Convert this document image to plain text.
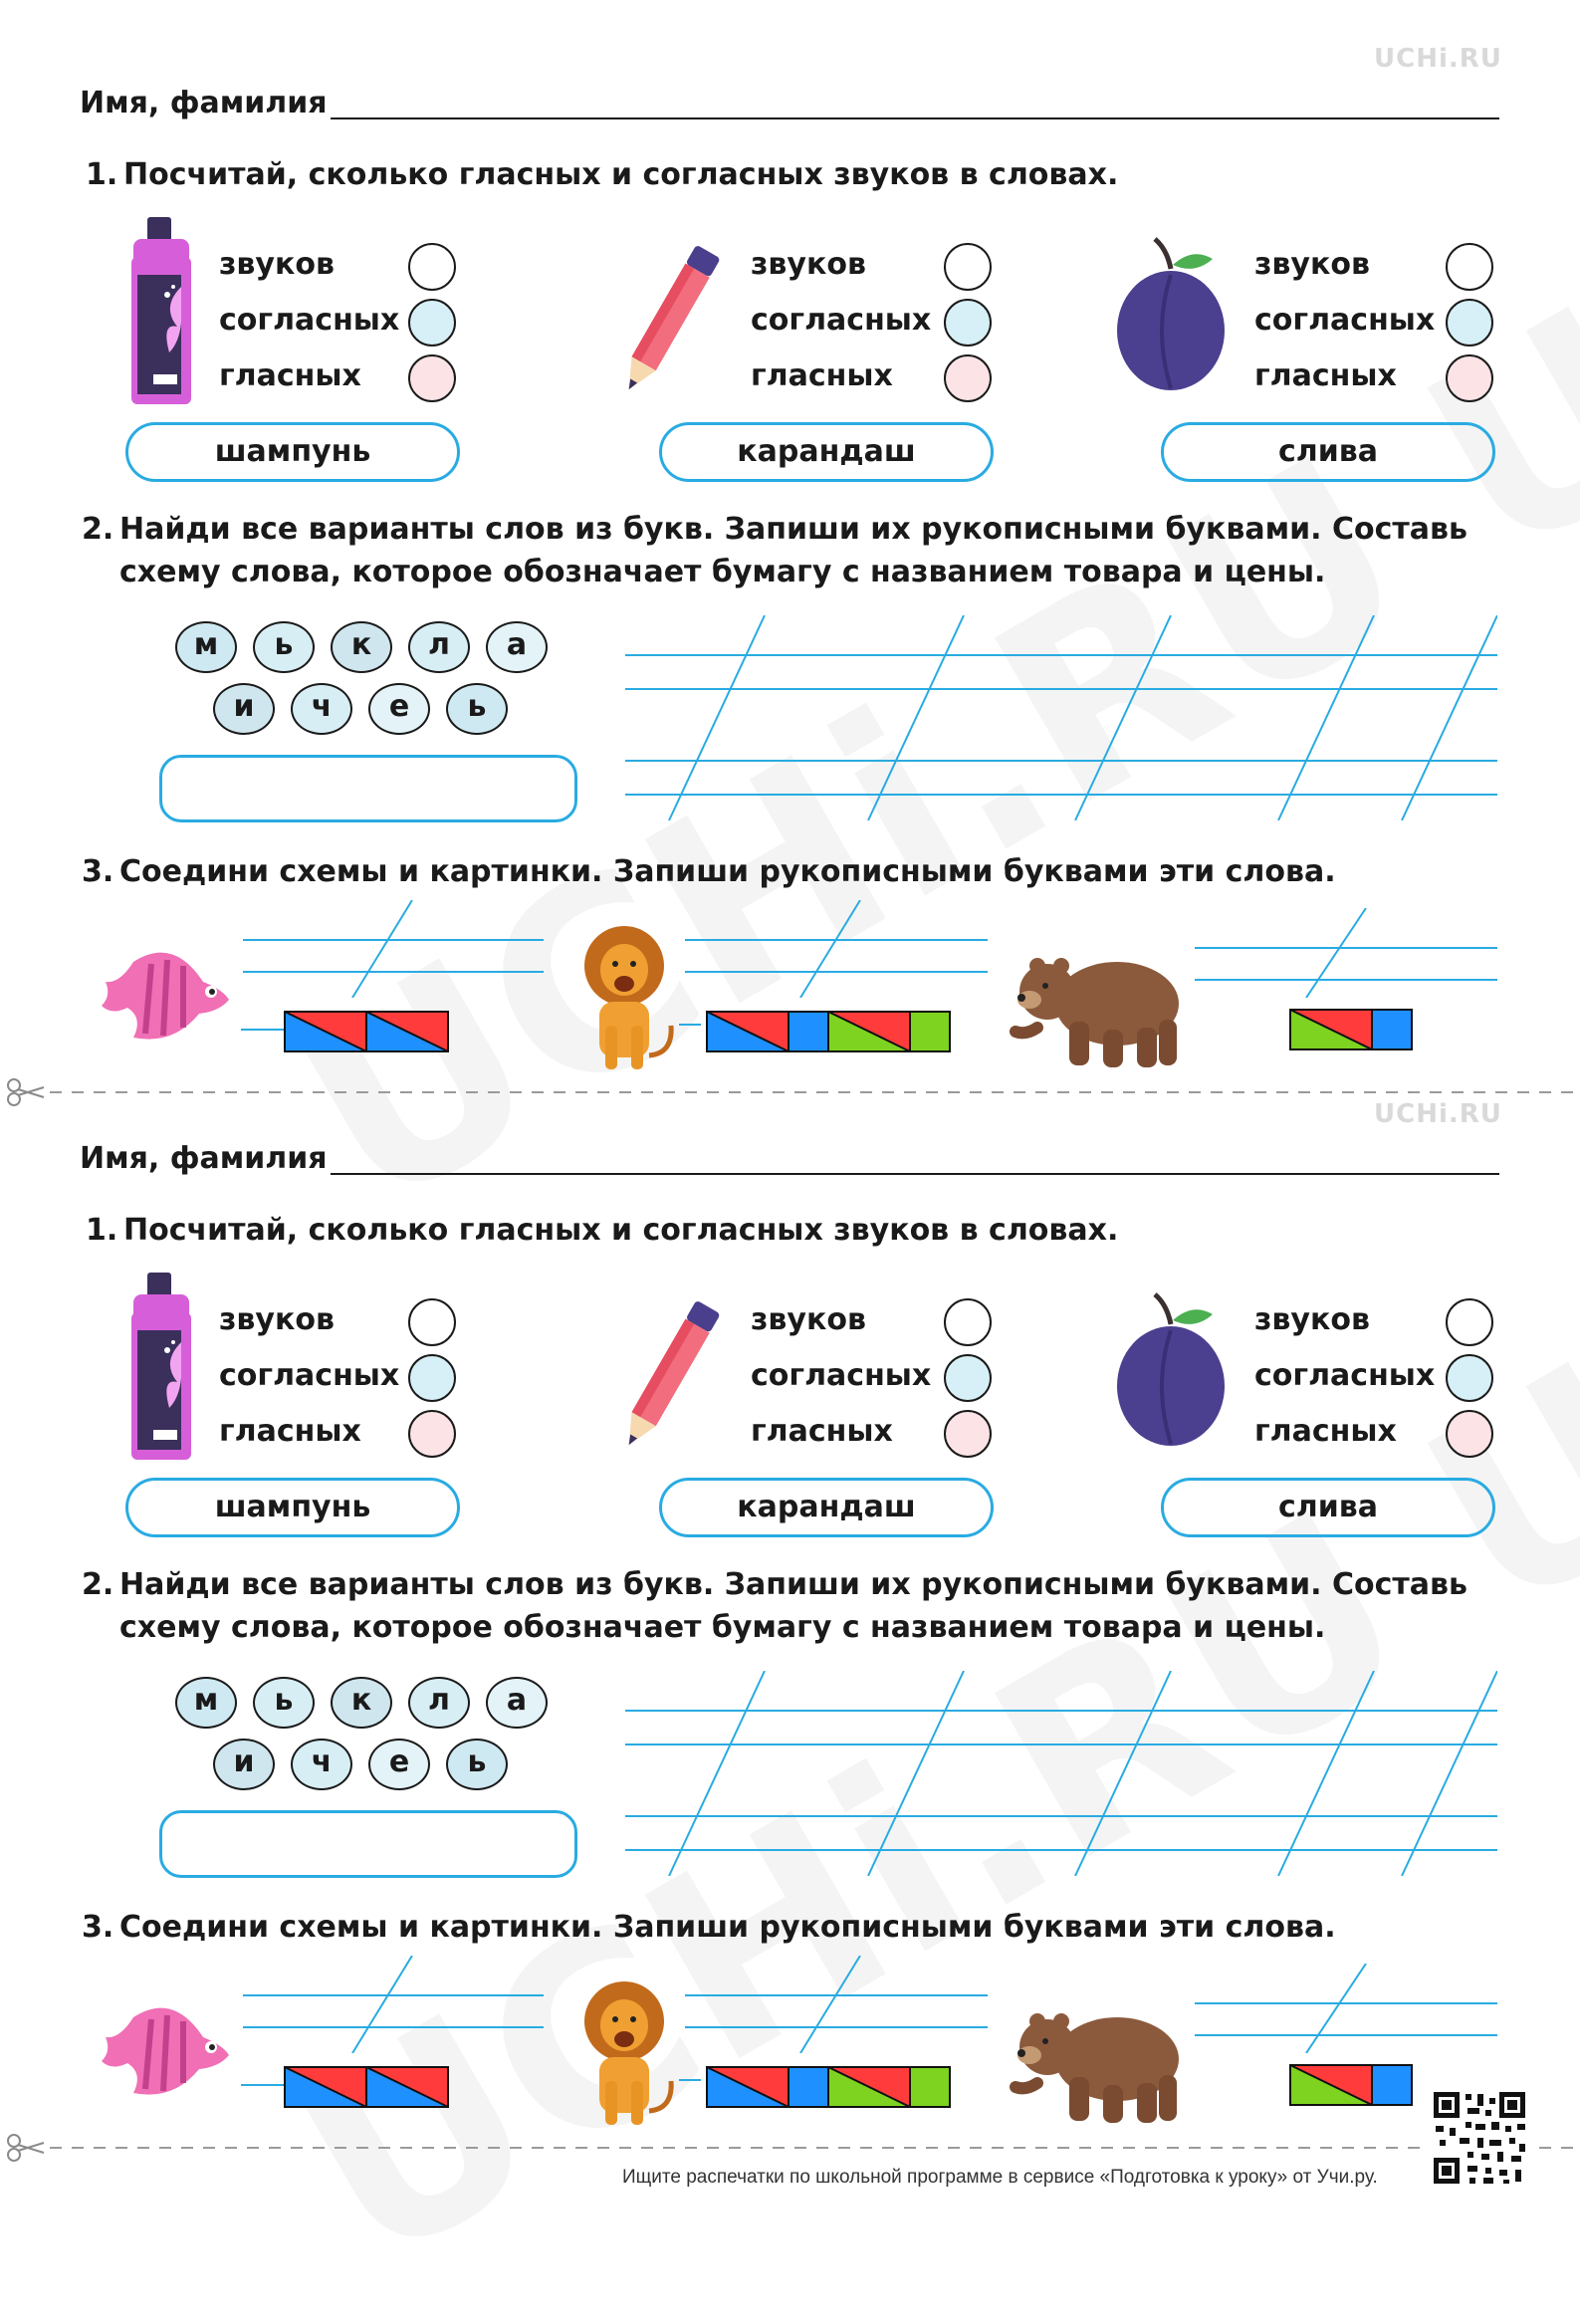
UCHi.RU
Имя, фамилия
1. Посчитай, сколько гласных и согласных звуков в словах.
звуков
согласных
гласных
шампунь
звуков
согласных
гласных
карандаш
звуков
согласных
гласных
слива
2. Найди все варианты слов из букв. Запиши их рукописными буквами. Составь
схему слова, которое обозначает бумагу с названием товара и цены.
м	ь	к	л	а
и	ч	е	ь
3. Соедини схемы и картинки. Запиши рукописными буквами эти слова.
UCHi.RU
Имя, фамилия
1. Посчитай, сколько гласных и согласных звуков в словах.
звуков
согласных
гласных
шампунь
звуков
согласных
гласных
карандаш
звуков
согласных
гласных
слива
2. Найди все варианты слов из букв. Запиши их рукописными буквами. Составь
схему слова, которое обозначает бумагу с названием товара и цены.
м	ь	к	л	а
и	ч	е	ь
3. Соедини схемы и картинки. Запиши рукописными буквами эти слова.
Ищите распечатки по школьной программе в сервисе «Подготовка к уроку» от Учи.ру.
